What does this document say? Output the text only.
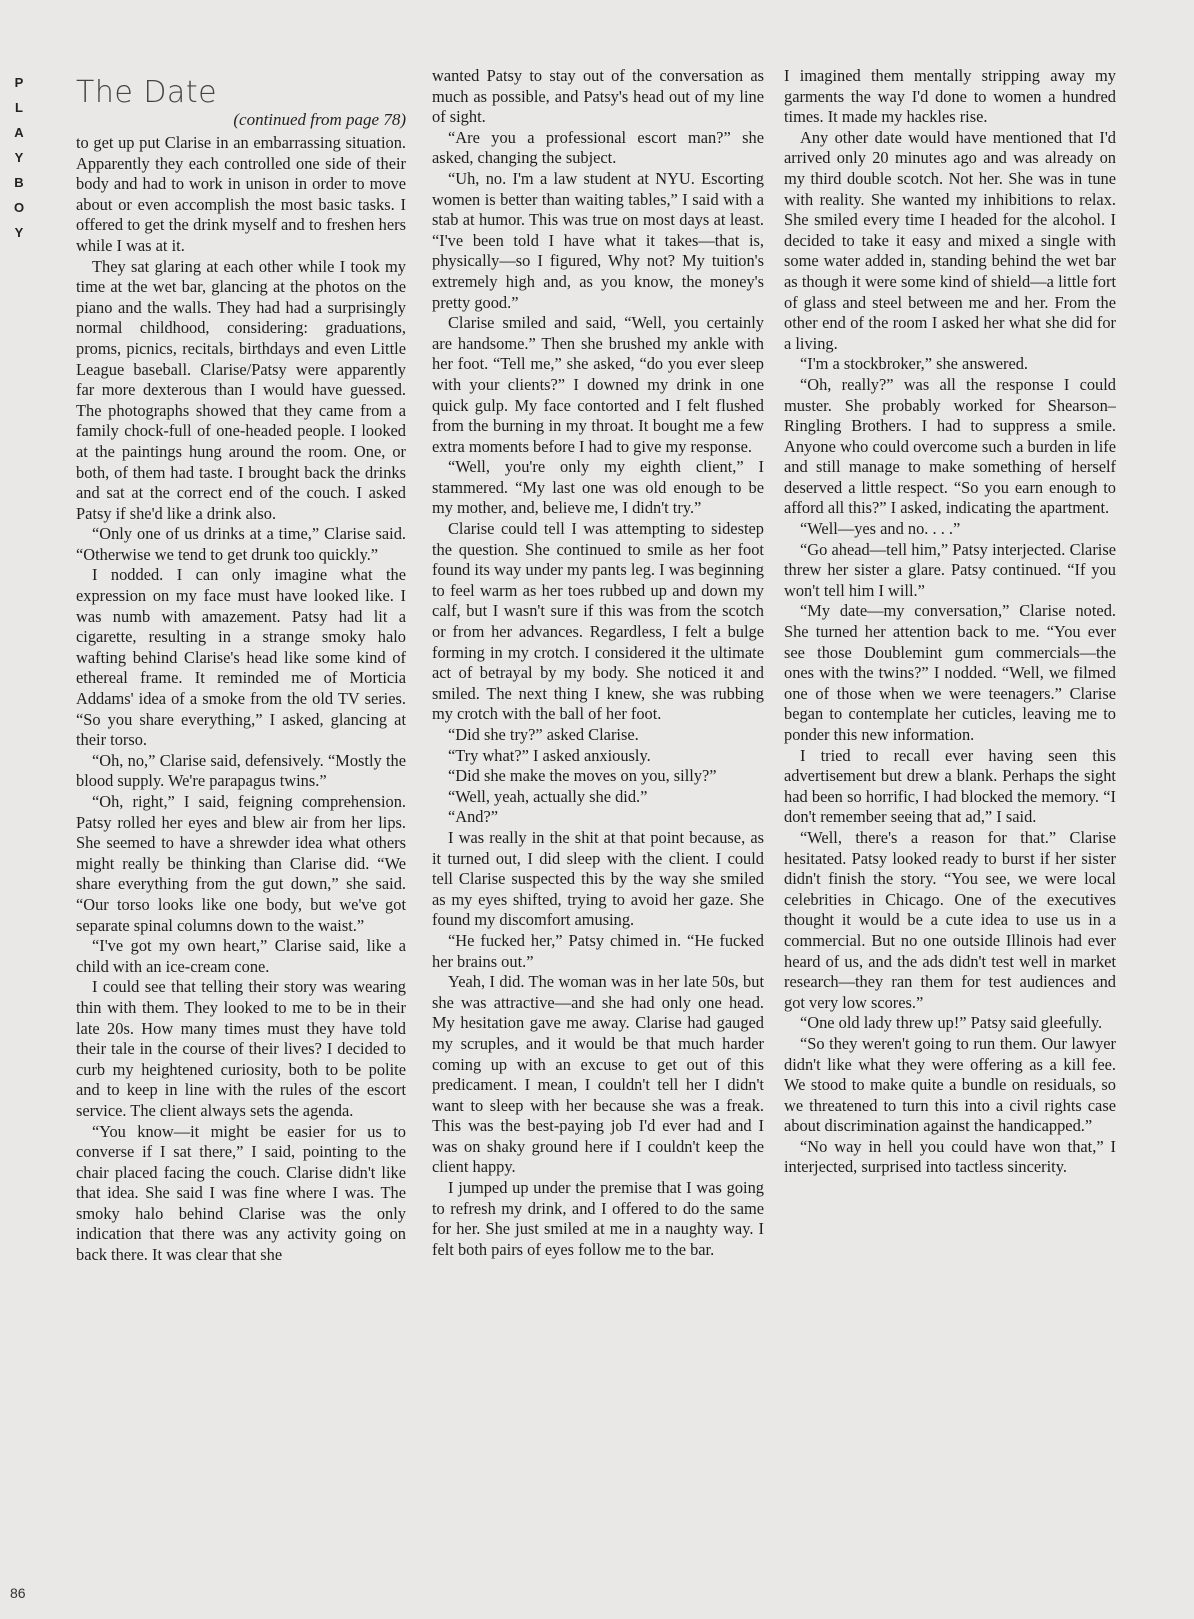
P
L
A
Y
B
O
Y
The Date
(continued from page 78)

to get up put Clarise in an embarrassing situation. Apparently they each controlled one side of their body and had to work in unison in order to move about or even accomplish the most basic tasks. I offered to get the drink myself and to freshen hers while I was at it.

They sat glaring at each other while I took my time at the wet bar, glancing at the photos on the piano and the walls. They had had a surprisingly normal childhood, considering: graduations, proms, picnics, recitals, birthdays and even Little League baseball. Clarise/Patsy were apparently far more dexterous than I would have guessed. The photographs showed that they came from a family chock-full of one-headed people. I looked at the paintings hung around the room. One, or both, of them had taste. I brought back the drinks and sat at the correct end of the couch. I asked Patsy if she'd like a drink also.

“Only one of us drinks at a time,” Clarise said. “Otherwise we tend to get drunk too quickly.”

I nodded. I can only imagine what the expression on my face must have looked like. I was numb with amazement. Patsy had lit a cigarette, resulting in a strange smoky halo wafting behind Clarise's head like some kind of ethereal frame. It reminded me of Morticia Addams' idea of a smoke from the old TV series. “So you share everything,” I asked, glancing at their torso.

“Oh, no,” Clarise said, defensively. “Mostly the blood supply. We're parapagus twins.”

“Oh, right,” I said, feigning comprehension. Patsy rolled her eyes and blew air from her lips. She seemed to have a shrewder idea what others might really be thinking than Clarise did. “We share everything from the gut down,” she said. “Our torso looks like one body, but we've got separate spinal columns down to the waist.”

“I've got my own heart,” Clarise said, like a child with an ice-cream cone.

I could see that telling their story was wearing thin with them. They looked to me to be in their late 20s. How many times must they have told their tale in the course of their lives? I decided to curb my heightened curiosity, both to be polite and to keep in line with the rules of the escort service. The client always sets the agenda.

“You know—it might be easier for us to converse if I sat there,” I said, pointing to the chair placed facing the couch. Clarise didn't like that idea. She said I was fine where I was. The smoky halo behind Clarise was the only indication that there was any activity going on back there. It was clear that she

wanted Patsy to stay out of the conversation as much as possible, and Patsy's head out of my line of sight.

“Are you a professional escort man?” she asked, changing the subject.

“Uh, no. I'm a law student at NYU. Escorting women is better than waiting tables,” I said with a stab at humor. This was true on most days at least. “I've been told I have what it takes—that is, physically—so I figured, Why not? My tuition's extremely high and, as you know, the money's pretty good.”

Clarise smiled and said, “Well, you certainly are handsome.” Then she brushed my ankle with her foot. “Tell me,” she asked, “do you ever sleep with your clients?” I downed my drink in one quick gulp. My face contorted and I felt flushed from the burning in my throat. It bought me a few extra moments before I had to give my response.

“Well, you're only my eighth client,” I stammered. “My last one was old enough to be my mother, and, believe me, I didn't try.”

Clarise could tell I was attempting to sidestep the question. She continued to smile as her foot found its way under my pants leg. I was beginning to feel warm as her toes rubbed up and down my calf, but I wasn't sure if this was from the scotch or from her advances. Regardless, I felt a bulge forming in my crotch. I considered it the ultimate act of betrayal by my body. She noticed it and smiled. The next thing I knew, she was rubbing my crotch with the ball of her foot.

“Did she try?” asked Clarise.

“Try what?” I asked anxiously.

“Did she make the moves on you, silly?”

“Well, yeah, actually she did.”

“And?”

I was really in the shit at that point because, as it turned out, I did sleep with the client. I could tell Clarise suspected this by the way she smiled as my eyes shifted, trying to avoid her gaze. She found my discomfort amusing.

“He fucked her,” Patsy chimed in. “He fucked her brains out.”

Yeah, I did. The woman was in her late 50s, but she was attractive—and she had only one head. My hesitation gave me away. Clarise had gauged my scruples, and it would be that much harder coming up with an excuse to get out of this predicament. I mean, I couldn't tell her I didn't want to sleep with her because she was a freak. This was the best-paying job I'd ever had and I was on shaky ground here if I couldn't keep the client happy.

I jumped up under the premise that I was going to refresh my drink, and I offered to do the same for her. She just smiled at me in a naughty way. I felt both pairs of eyes follow me to the bar.

I imagined them mentally stripping away my garments the way I'd done to women a hundred times. It made my hackles rise.

Any other date would have mentioned that I'd arrived only 20 minutes ago and was already on my third double scotch. Not her. She was in tune with reality. She wanted my inhibitions to relax. She smiled every time I headed for the alcohol. I decided to take it easy and mixed a single with some water added in, standing behind the wet bar as though it were some kind of shield—a little fort of glass and steel between me and her. From the other end of the room I asked her what she did for a living.

“I'm a stockbroker,” she answered.

“Oh, really?” was all the response I could muster. She probably worked for Shearson–Ringling Brothers. I had to suppress a smile. Anyone who could overcome such a burden in life and still manage to make something of herself deserved a little respect. “So you earn enough to afford all this?” I asked, indicating the apartment.

“Well—yes and no. . . .”

“Go ahead—tell him,” Patsy interjected. Clarise threw her sister a glare. Patsy continued. “If you won't tell him I will.”

“My date—my conversation,” Clarise noted. She turned her attention back to me. “You ever see those Doublemint gum commercials—the ones with the twins?” I nodded. “Well, we filmed one of those when we were teenagers.” Clarise began to contemplate her cuticles, leaving me to ponder this new information.

I tried to recall ever having seen this advertisement but drew a blank. Perhaps the sight had been so horrific, I had blocked the memory. “I don't remember seeing that ad,” I said.

“Well, there's a reason for that.” Clarise hesitated. Patsy looked ready to burst if her sister didn't finish the story. “You see, we were local celebrities in Chicago. One of the executives thought it would be a cute idea to use us in a commercial. But no one outside Illinois had ever heard of us, and the ads didn't test well in market research—they ran them for test audiences and got very low scores.”

“One old lady threw up!” Patsy said gleefully.

“So they weren't going to run them. Our lawyer didn't like what they were offering as a kill fee. We stood to make quite a bundle on residuals, so we threatened to turn this into a civil rights case about discrimination against the handicapped.”

“No way in hell you could have won that,” I interjected, surprised into tactless sincerity.

86
